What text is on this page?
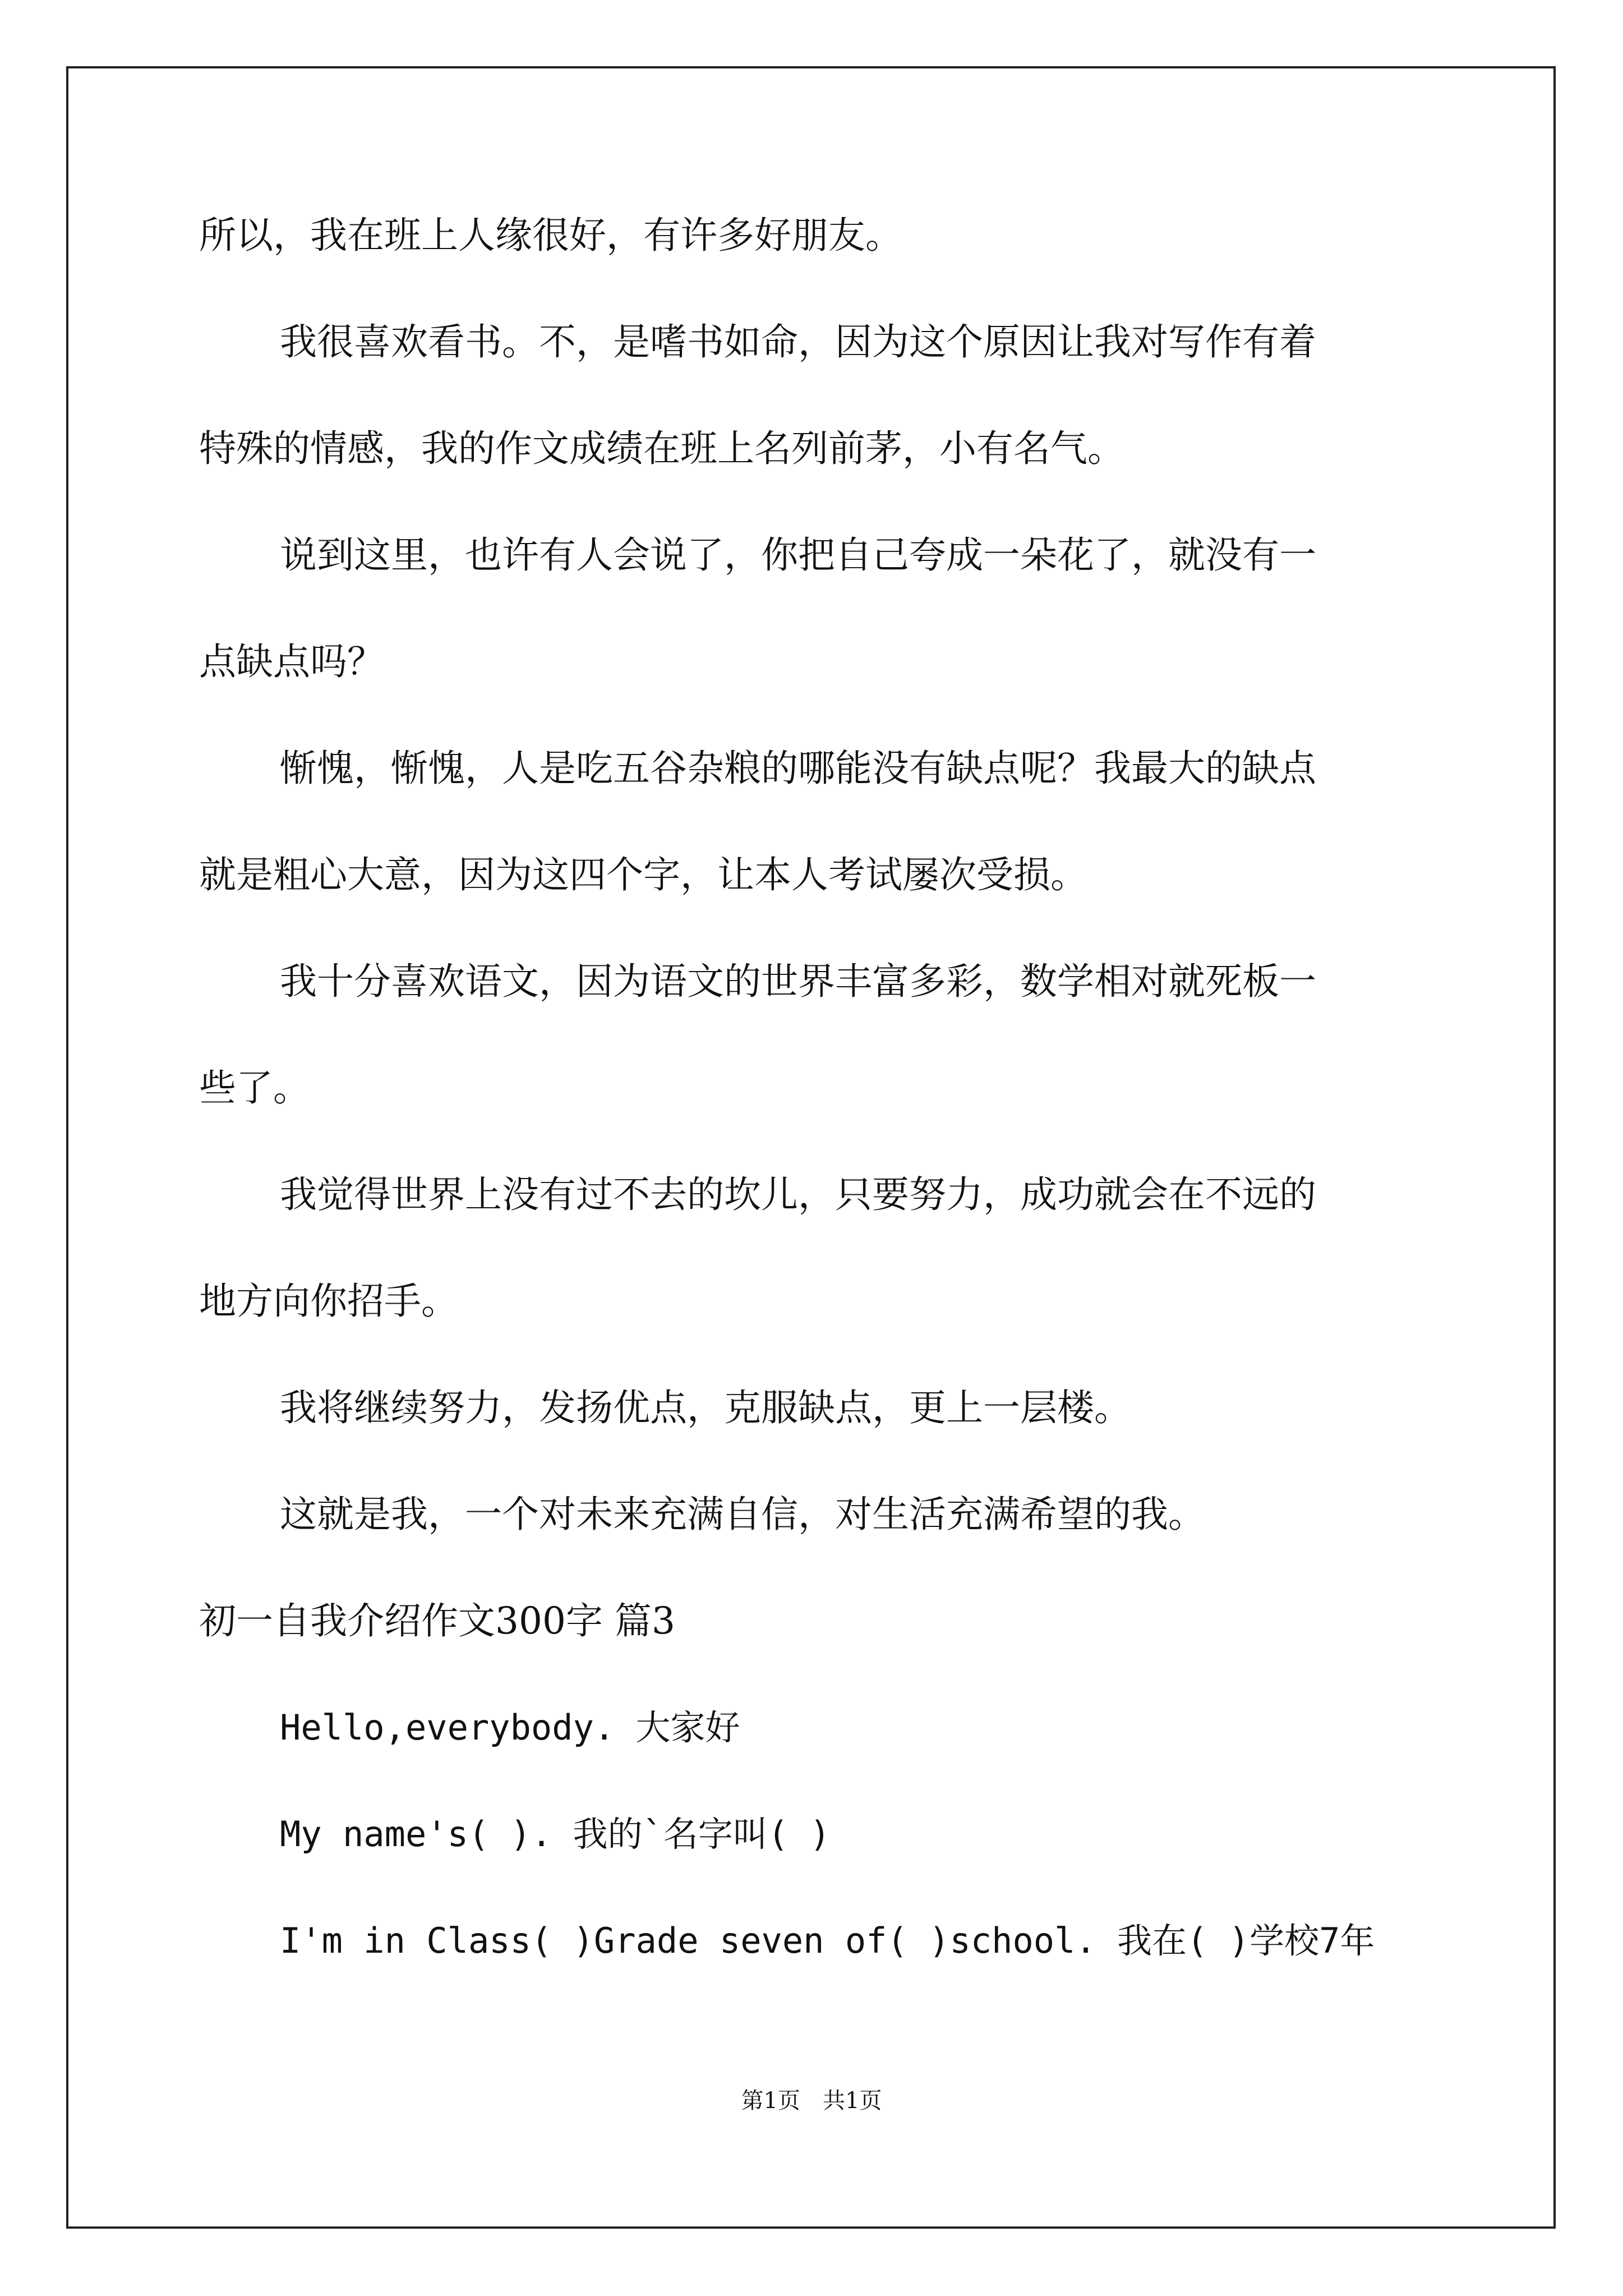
所以，我在班上人缘很好，有许多好朋友。
我很喜欢看书。不，是嗜书如命，因为这个原因让我对写作有着
特殊的情感，我的作文成绩在班上名列前茅，小有名气。
说到这里，也许有人会说了，你把自己夸成一朵花了，就没有一
点缺点吗？
惭愧，惭愧，人是吃五谷杂粮的哪能没有缺点呢？我最大的缺点
就是粗心大意，因为这四个字，让本人考试屡次受损。
我十分喜欢语文，因为语文的世界丰富多彩，数学相对就死板一
些了。
我觉得世界上没有过不去的坎儿，只要努力，成功就会在不远的
地方向你招手。
我将继续努力，发扬优点，克服缺点，更上一层楼。
这就是我，一个对未来充满自信，对生活充满希望的我。
初一自我介绍作文300字 篇3
Hello,everybody. 大家好
My name's( ). 我的`名字叫( )
I'm in Class( )Grade seven of( )school. 我在( )学校7年
第1页　共1页
